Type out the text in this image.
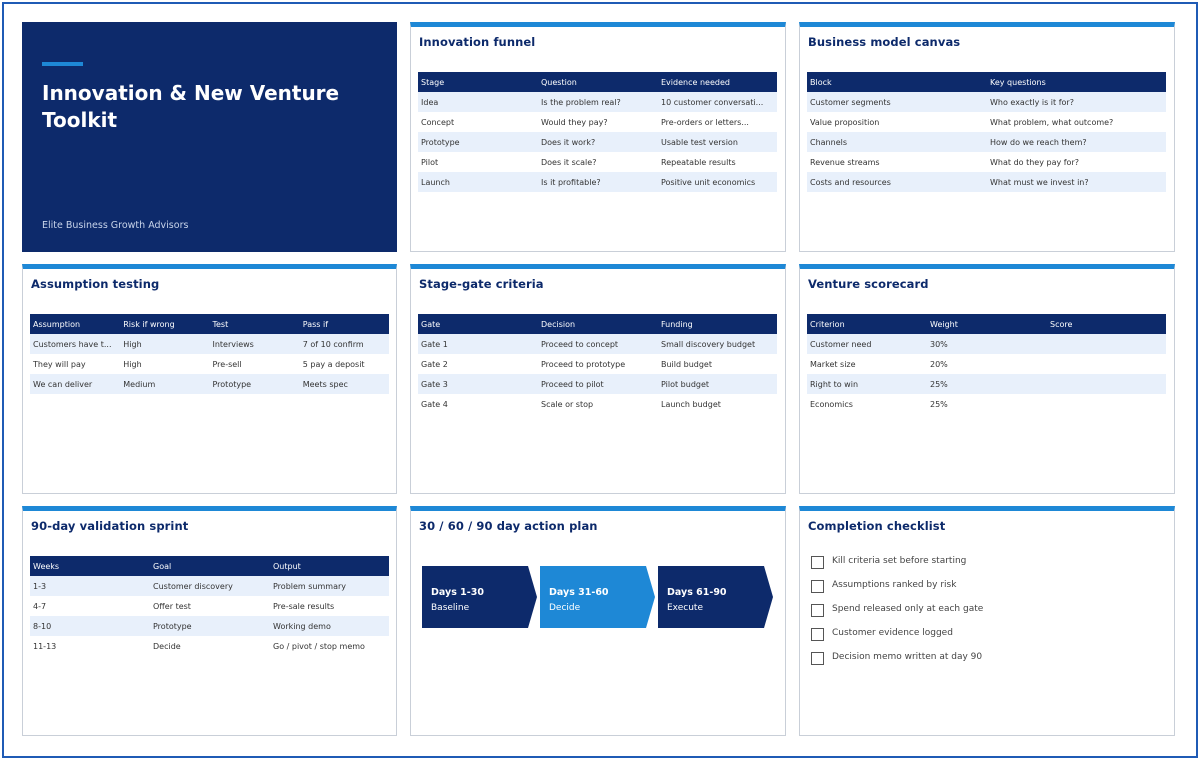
Innovation & New Venture Toolkit
Elite Business Growth Advisors
Innovation funnel
Stage	Question	Evidence needed
Idea	Is the problem real?	10 customer conversati...
Concept	Would they pay?	Pre-orders or letters...
Prototype	Does it work?	Usable test version
Pilot	Does it scale?	Repeatable results
Launch	Is it profitable?	Positive unit economics
Business model canvas
Block	Key questions
Customer segments	Who exactly is it for?
Value proposition	What problem, what outcome?
Channels	How do we reach them?
Revenue streams	What do they pay for?
Costs and resources	What must we invest in?
Assumption testing
Assumption	Risk if wrong	Test	Pass if
Customers have t...	High	Interviews	7 of 10 confirm
They will pay	High	Pre-sell	5 pay a deposit
We can deliver	Medium	Prototype	Meets spec
Stage-gate criteria
Gate	Decision	Funding
Gate 1	Proceed to concept	Small discovery budget
Gate 2	Proceed to prototype	Build budget
Gate 3	Proceed to pilot	Pilot budget
Gate 4	Scale or stop	Launch budget
Venture scorecard
Criterion	Weight	Score
Customer need	30%	
Market size	20%	
Right to win	25%	
Economics	25%	
90-day validation sprint
Weeks	Goal	Output
1-3	Customer discovery	Problem summary
4-7	Offer test	Pre-sale results
8-10	Prototype	Working demo
11-13	Decide	Go / pivot / stop memo
30 / 60 / 90 day action plan
Days 1-30
Baseline
Days 31-60
Decide
Days 61-90
Execute
Completion checklist
Kill criteria set before starting
Assumptions ranked by risk
Spend released only at each gate
Customer evidence logged
Decision memo written at day 90
